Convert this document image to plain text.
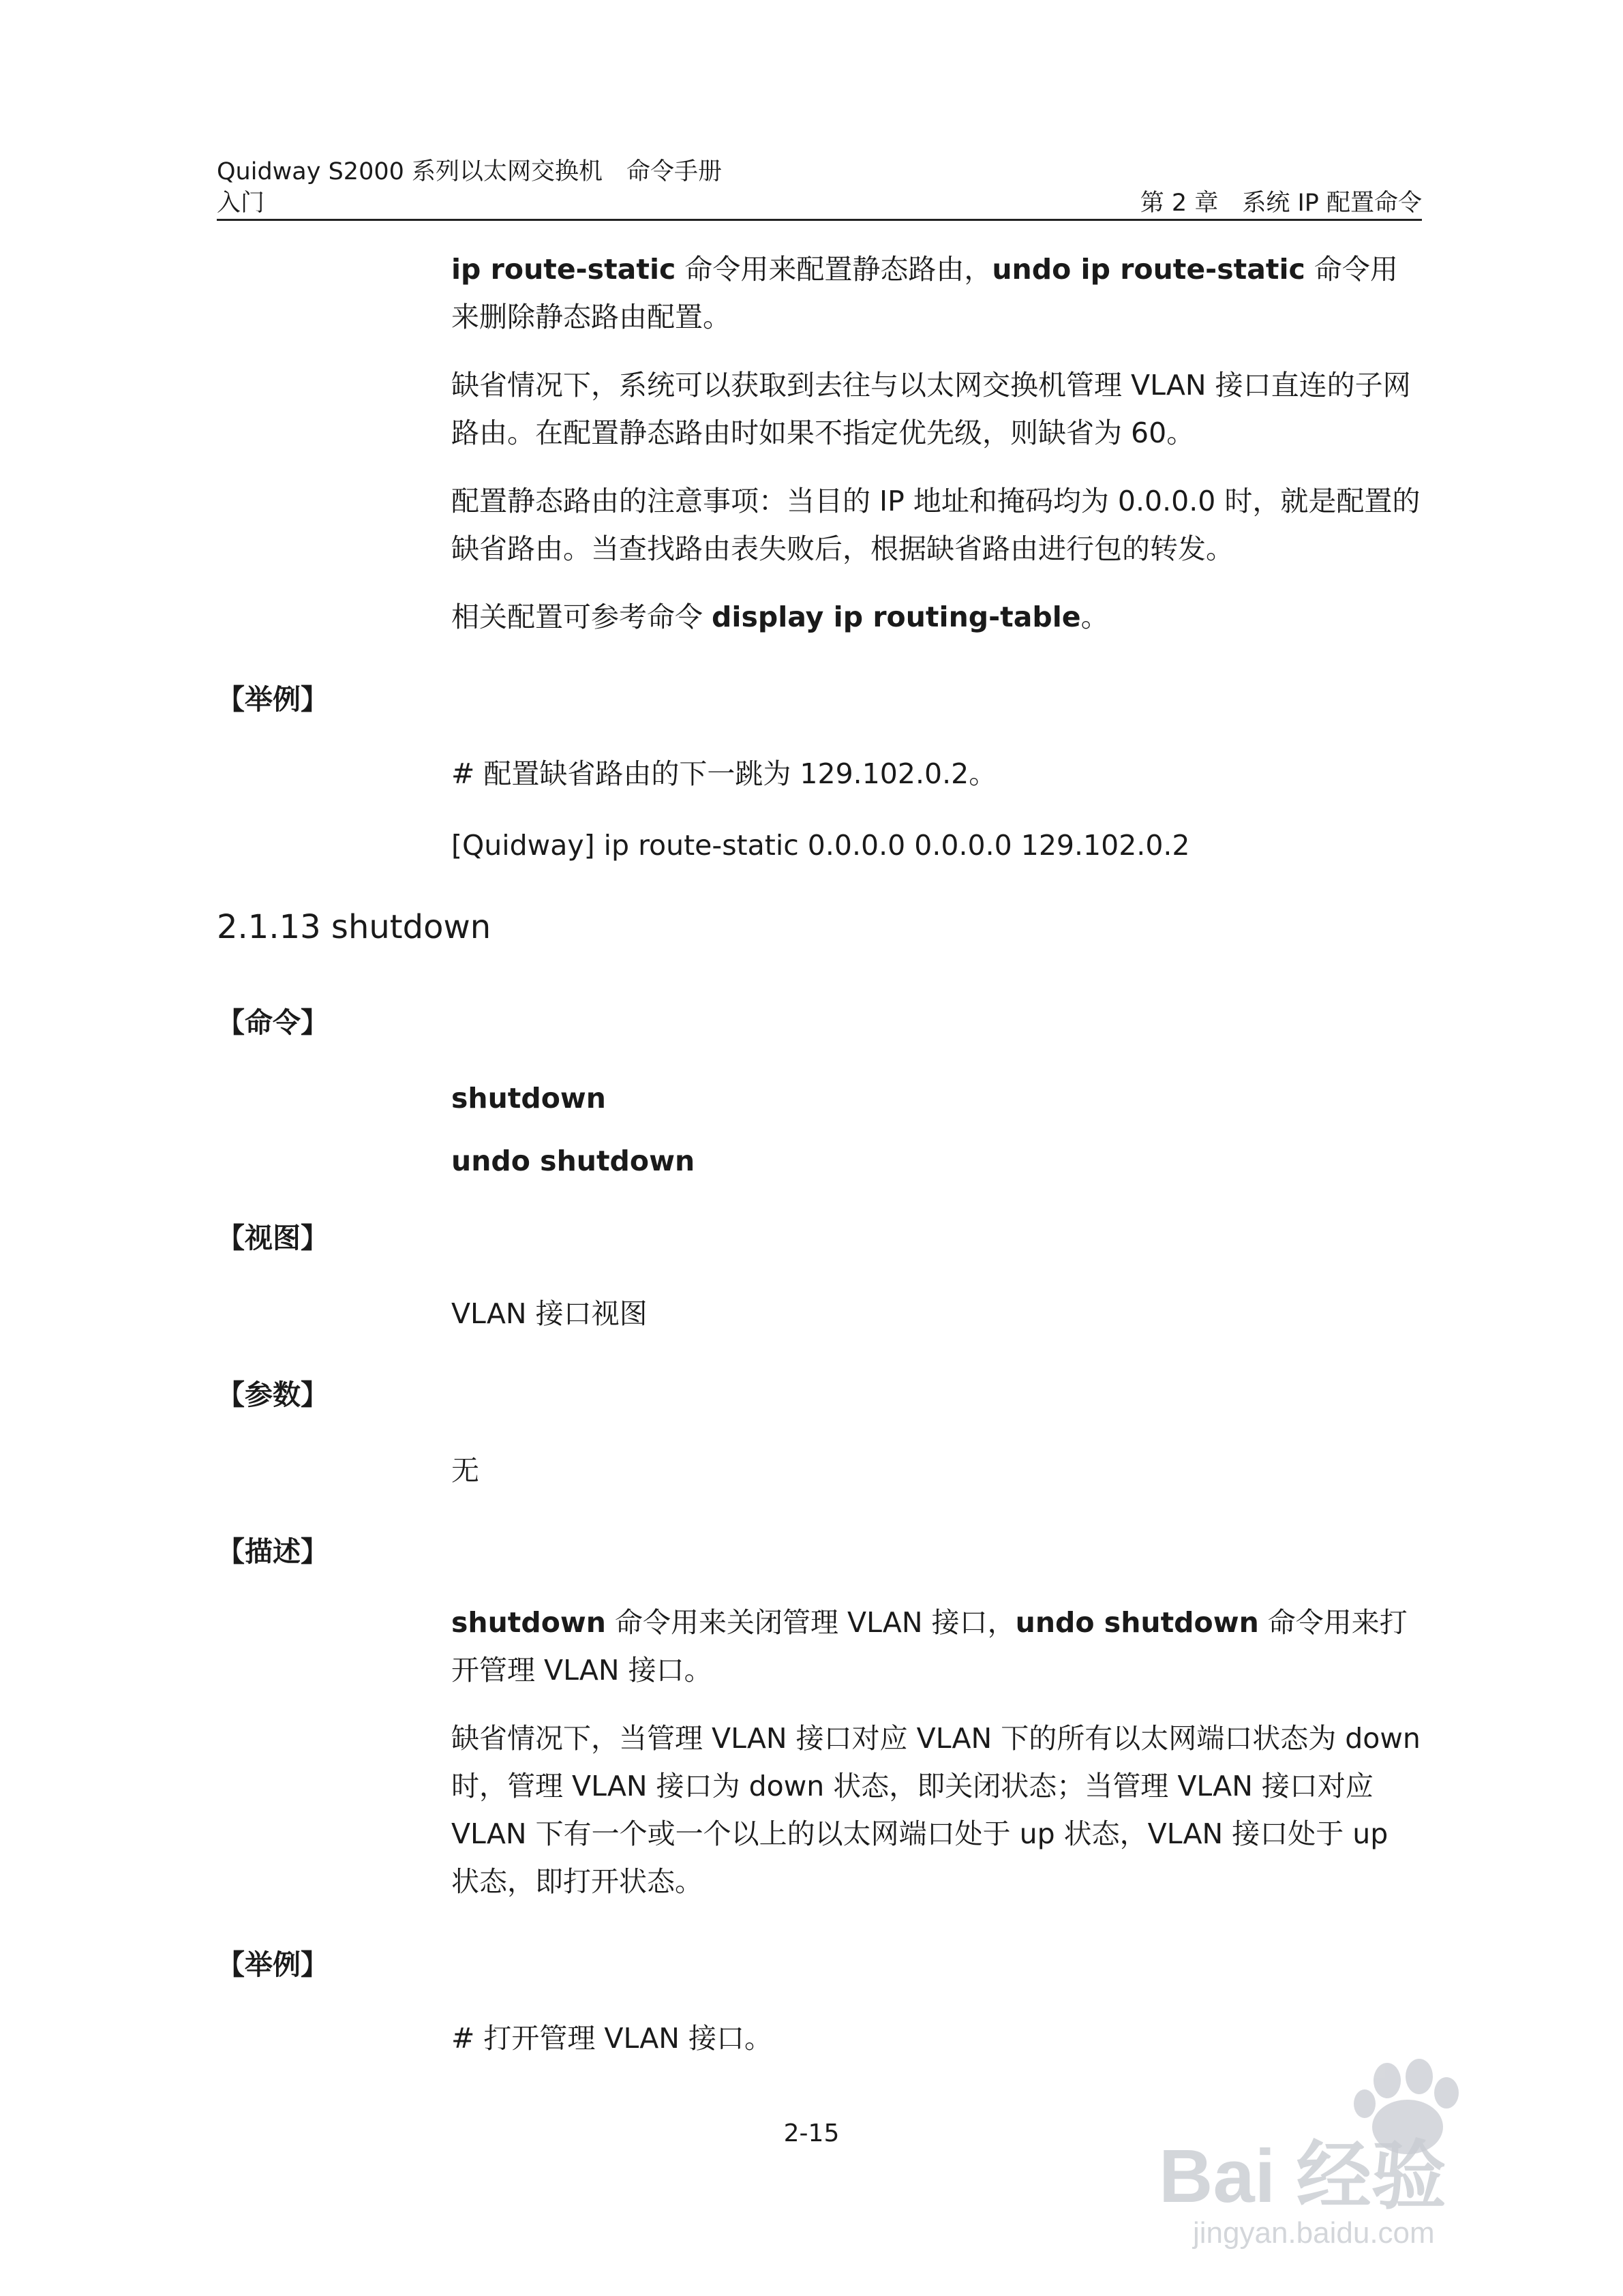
Quidway S2000 系列以太网交换机　命令手册
入门	第 2 章　系统 IP 配置命令

ip route-static 命令用来配置静态路由，undo ip route-static 命令用来删除静态路由配置。

缺省情况下，系统可以获取到去往与以太网交换机管理 VLAN 接口直连的子网路由。在配置静态路由时如果不指定优先级，则缺省为 60。

配置静态路由的注意事项：当目的 IP 地址和掩码均为 0.0.0.0 时，就是配置的缺省路由。当查找路由表失败后，根据缺省路由进行包的转发。

相关配置可参考命令 display ip routing-table。

【举例】

# 配置缺省路由的下一跳为 129.102.0.2。

[Quidway] ip route-static 0.0.0.0 0.0.0.0 129.102.0.2

2.1.13 shutdown

【命令】

shutdown

undo shutdown

【视图】

VLAN 接口视图

【参数】

无

【描述】

shutdown 命令用来关闭管理 VLAN 接口，undo shutdown 命令用来打开管理 VLAN 接口。

缺省情况下，当管理 VLAN 接口对应 VLAN 下的所有以太网端口状态为 down 时，管理 VLAN 接口为 down 状态，即关闭状态；当管理 VLAN 接口对应 VLAN 下有一个或一个以上的以太网端口处于 up 状态，VLAN 接口处于 up 状态，即打开状态。

【举例】

# 打开管理 VLAN 接口。

2-15
Bai 经验
jingyan.baidu.com
